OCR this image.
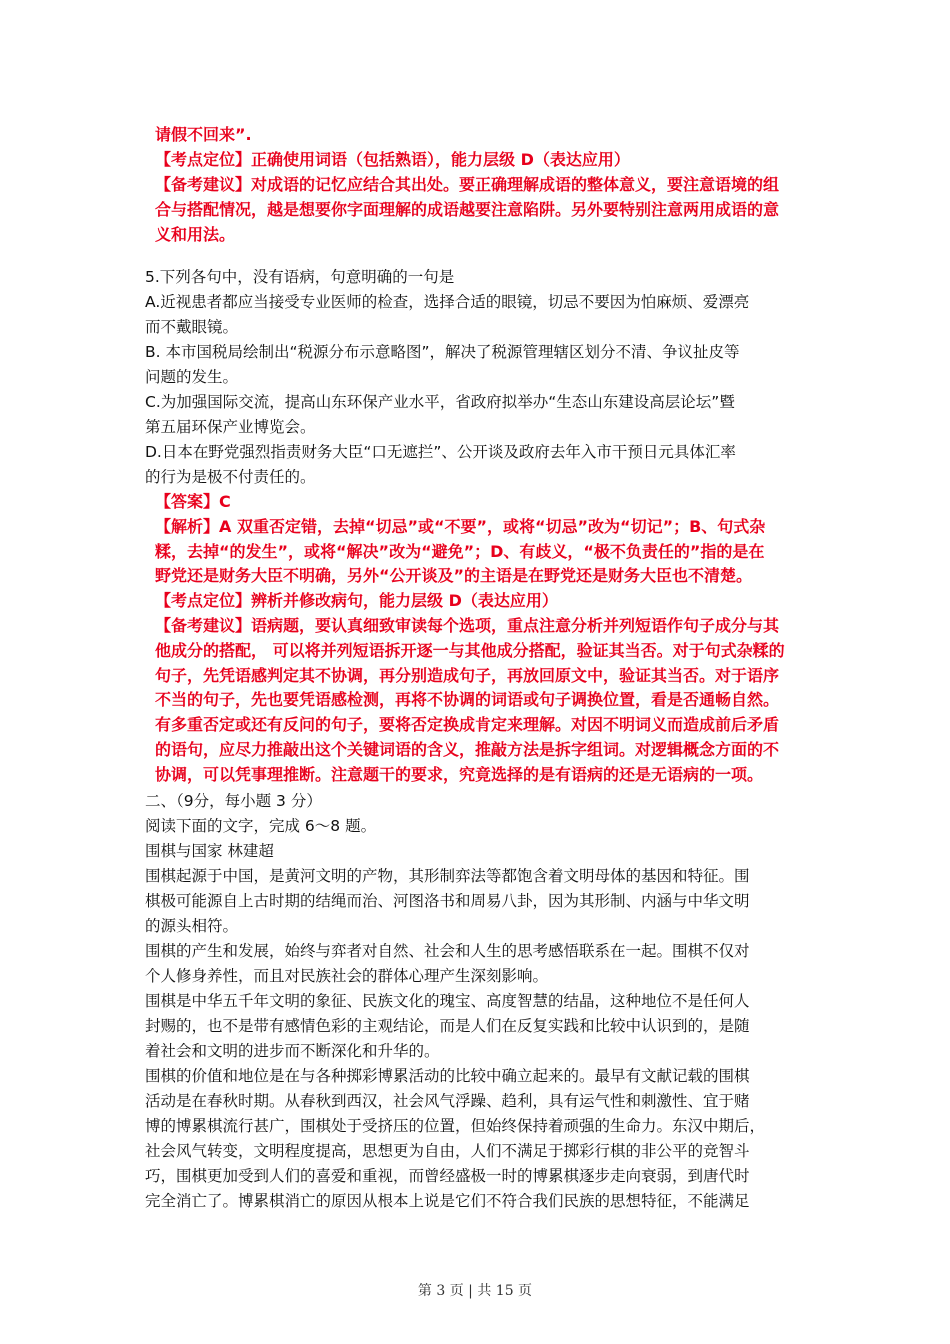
请假不回来”.
【考点定位】正确使用词语（包括熟语），能力层级 D（表达应用）
【备考建议】对成语的记忆应结合其出处。要正确理解成语的整体意义，要注意语境的组
合与搭配情况，越是想要你字面理解的成语越要注意陷阱。另外要特别注意两用成语的意
义和用法。
5.下列各句中，没有语病，句意明确的一句是
A.近视患者都应当接受专业医师的检查，选择合适的眼镜，切忌不要因为怕麻烦、爱漂亮
而不戴眼镜。
B. 本市国税局绘制出“税源分布示意略图”，解决了税源管理辖区划分不清、争议扯皮等
问题的发生。
C.为加强国际交流，提高山东环保产业水平，省政府拟举办“生态山东建设高层论坛”暨
第五届环保产业博览会。
D.日本在野党强烈指责财务大臣“口无遮拦”、公开谈及政府去年入市干预日元具体汇率
的行为是极不付责任的。
【答案】C
【解析】A 双重否定错，去掉“切忌”或“不要”，或将“切忌”改为“切记”；B、句式杂
糅，去掉“的发生”，或将“解决”改为“避免”；D、有歧义，“极不负责任的”指的是在
野党还是财务大臣不明确，另外“公开谈及”的主语是在野党还是财务大臣也不清楚。
【考点定位】辨析并修改病句，能力层级 D（表达应用）
【备考建议】语病题，要认真细致审读每个选项，重点注意分析并列短语作句子成分与其
他成分的搭配， 可以将并列短语拆开逐一与其他成分搭配，验证其当否。对于句式杂糅的
句子，先凭语感判定其不协调，再分别造成句子，再放回原文中，验证其当否。对于语序
不当的句子，先也要凭语感检测，再将不协调的词语或句子调换位置，看是否通畅自然。
有多重否定或还有反问的句子，要将否定换成肯定来理解。对因不明词义而造成前后矛盾
的语句，应尽力推敲出这个关键词语的含义，推敲方法是拆字组词。对逻辑概念方面的不
协调，可以凭事理推断。注意题干的要求，究竟选择的是有语病的还是无语病的一项。
二、（9分，每小题 3 分）
阅读下面的文字，完成 6～8 题。
围棋与国家 林建超
围棋起源于中国，是黄河文明的产物，其形制弈法等都饱含着文明母体的基因和特征。围
棋极可能源自上古时期的结绳而治、河图洛书和周易八卦，因为其形制、内涵与中华文明
的源头相符。
围棋的产生和发展，始终与弈者对自然、社会和人生的思考感悟联系在一起。围棋不仅对
个人修身养性，而且对民族社会的群体心理产生深刻影响。
围棋是中华五千年文明的象征、民族文化的瑰宝、高度智慧的结晶，这种地位不是任何人
封赐的，也不是带有感情色彩的主观结论，而是人们在反复实践和比较中认识到的，是随
着社会和文明的进步而不断深化和升华的。
围棋的价值和地位是在与各种掷彩博累活动的比较中确立起来的。最早有文献记载的围棋
活动是在春秋时期。从春秋到西汉，社会风气浮躁、趋利，具有运气性和刺激性、宜于赌
博的博累棋流行甚广，围棋处于受挤压的位置，但始终保持着顽强的生命力。东汉中期后，
社会风气转变，文明程度提高，思想更为自由，人们不满足于掷彩行棋的非公平的竞智斗
巧，围棋更加受到人们的喜爱和重视，而曾经盛极一时的博累棋逐步走向衰弱，到唐代时
完全消亡了。博累棋消亡的原因从根本上说是它们不符合我们民族的思想特征，不能满足
第 3 页 | 共 15 页
